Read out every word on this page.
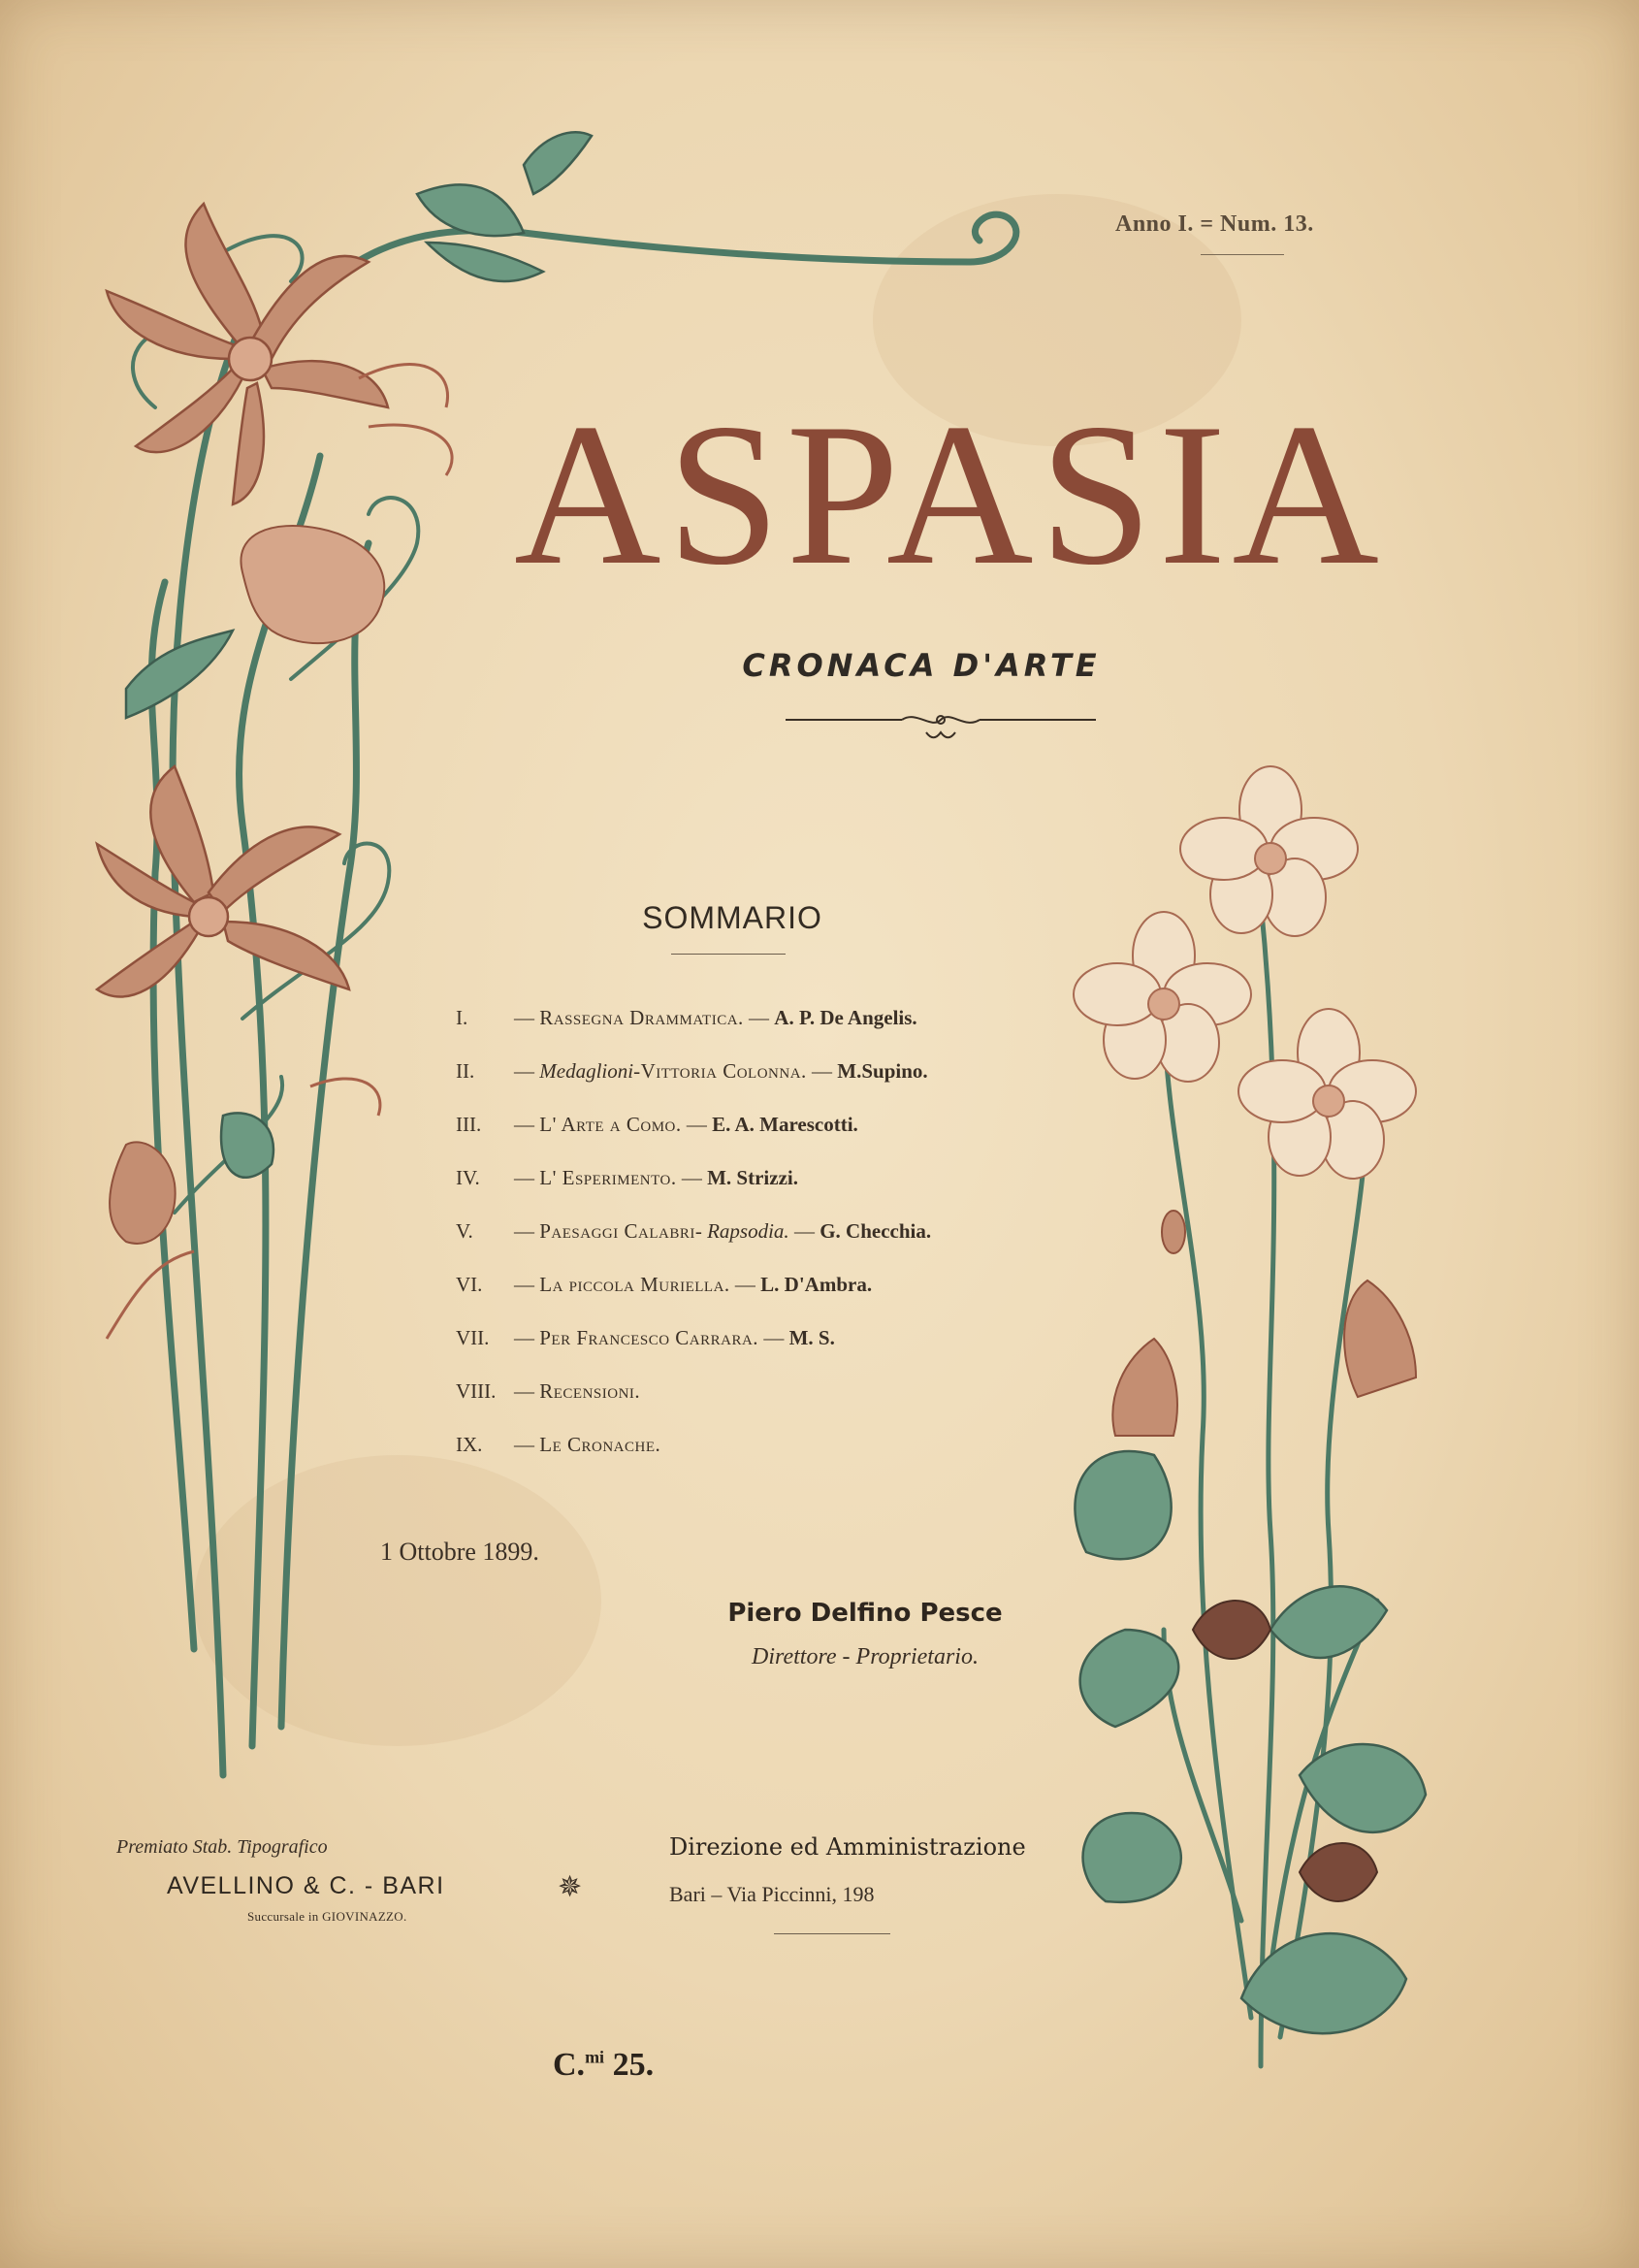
Anno I. = Num. 13.
ASPASIA
CRONACA D'ARTE
SOMMARIO
I.	— Rassegna Drammatica. — A. P. De Angelis.
II.	— Medaglioni-Vittoria Colonna. — M.Supino.
III.	— L' Arte a Como. — E. A. Marescotti.
IV.	— L' Esperimento. — M. Strizzi.
V.	— Paesaggi Calabri- Rapsodia. — G. Checchia.
VI.	— La piccola Muriella. — L. D'Ambra.
VII.	— Per Francesco Carrara. — M. S.
VIII. — Recensioni.
IX.	— Le Cronache.
1 Ottobre 1899.
Piero Delfino Pesce
Direttore - Proprietario.
Premiato Stab. Tipografico
AVELLINO & C. - BARI
Succursale in GIOVINAZZO.
✵
Direzione ed Amministrazione
Bari – Via Piccinni, 198
C.$^{mi}$ 25.
